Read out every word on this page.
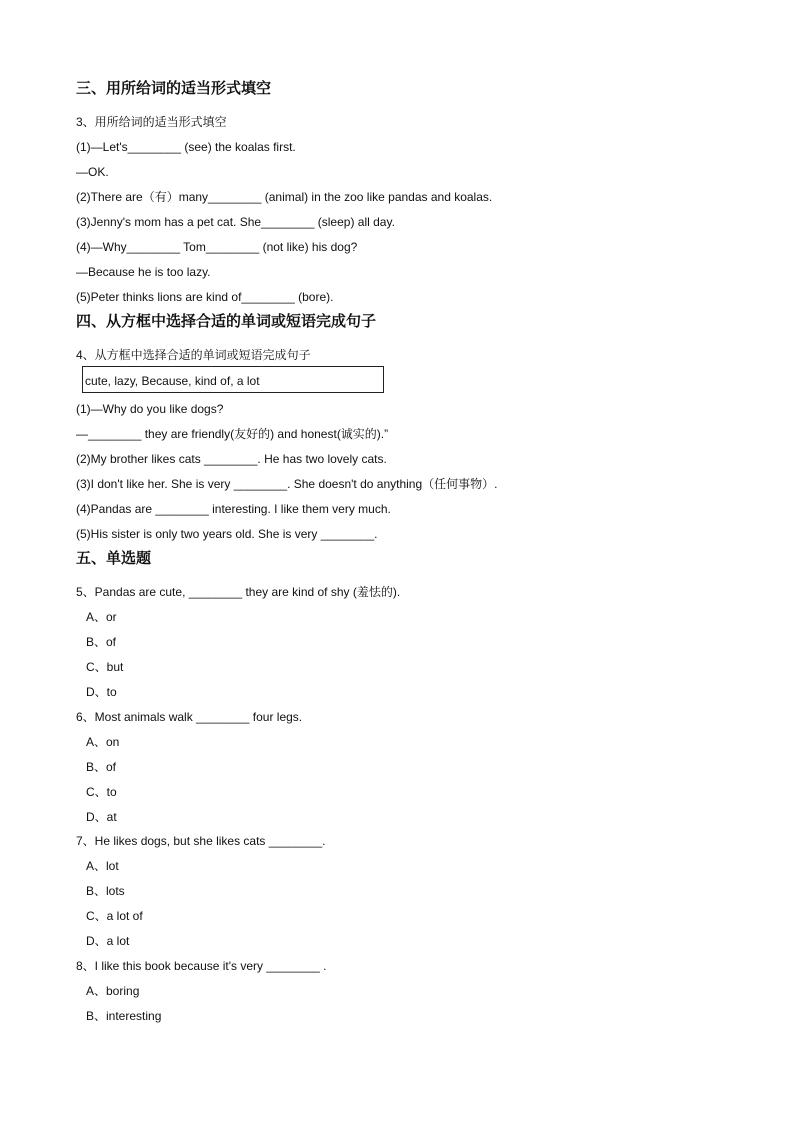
三、用所给词的适当形式填空
3、用所给词的适当形式填空
(1)—Let's________ (see) the koalas first.
—OK.
(2)There are（有）many________ (animal) in the zoo like pandas and koalas.
(3)Jenny's mom has a pet cat. She________ (sleep) all day.
(4)—Why________ Tom________ (not like) his dog?
—Because he is too lazy.
(5)Peter thinks lions are kind of________ (bore).
四、从方框中选择合适的单词或短语完成句子
4、从方框中选择合适的单词或短语完成句子
cute, lazy, Because, kind of, a lot
(1)—Why do you like dogs?
—________ they are friendly(友好的) and honest(诚实的).”
(2)My brother likes cats ________. He has two lovely cats.
(3)I don't like her. She is very ________. She doesn't do anything（任何事物）.
(4)Pandas are ________ interesting. I like them very much.
(5)His sister is only two years old. She is very ________.
五、单选题
5、Pandas are cute, ________ they are kind of shy (羞怯的).
A、or
B、of
C、but
D、to
6、Most animals walk ________ four legs.
A、on
B、of
C、to
D、at
7、He likes dogs, but she likes cats ________.
A、lot
B、lots
C、a lot of
D、a lot
8、I like this book because it's very ________ .
A、boring
B、interesting
